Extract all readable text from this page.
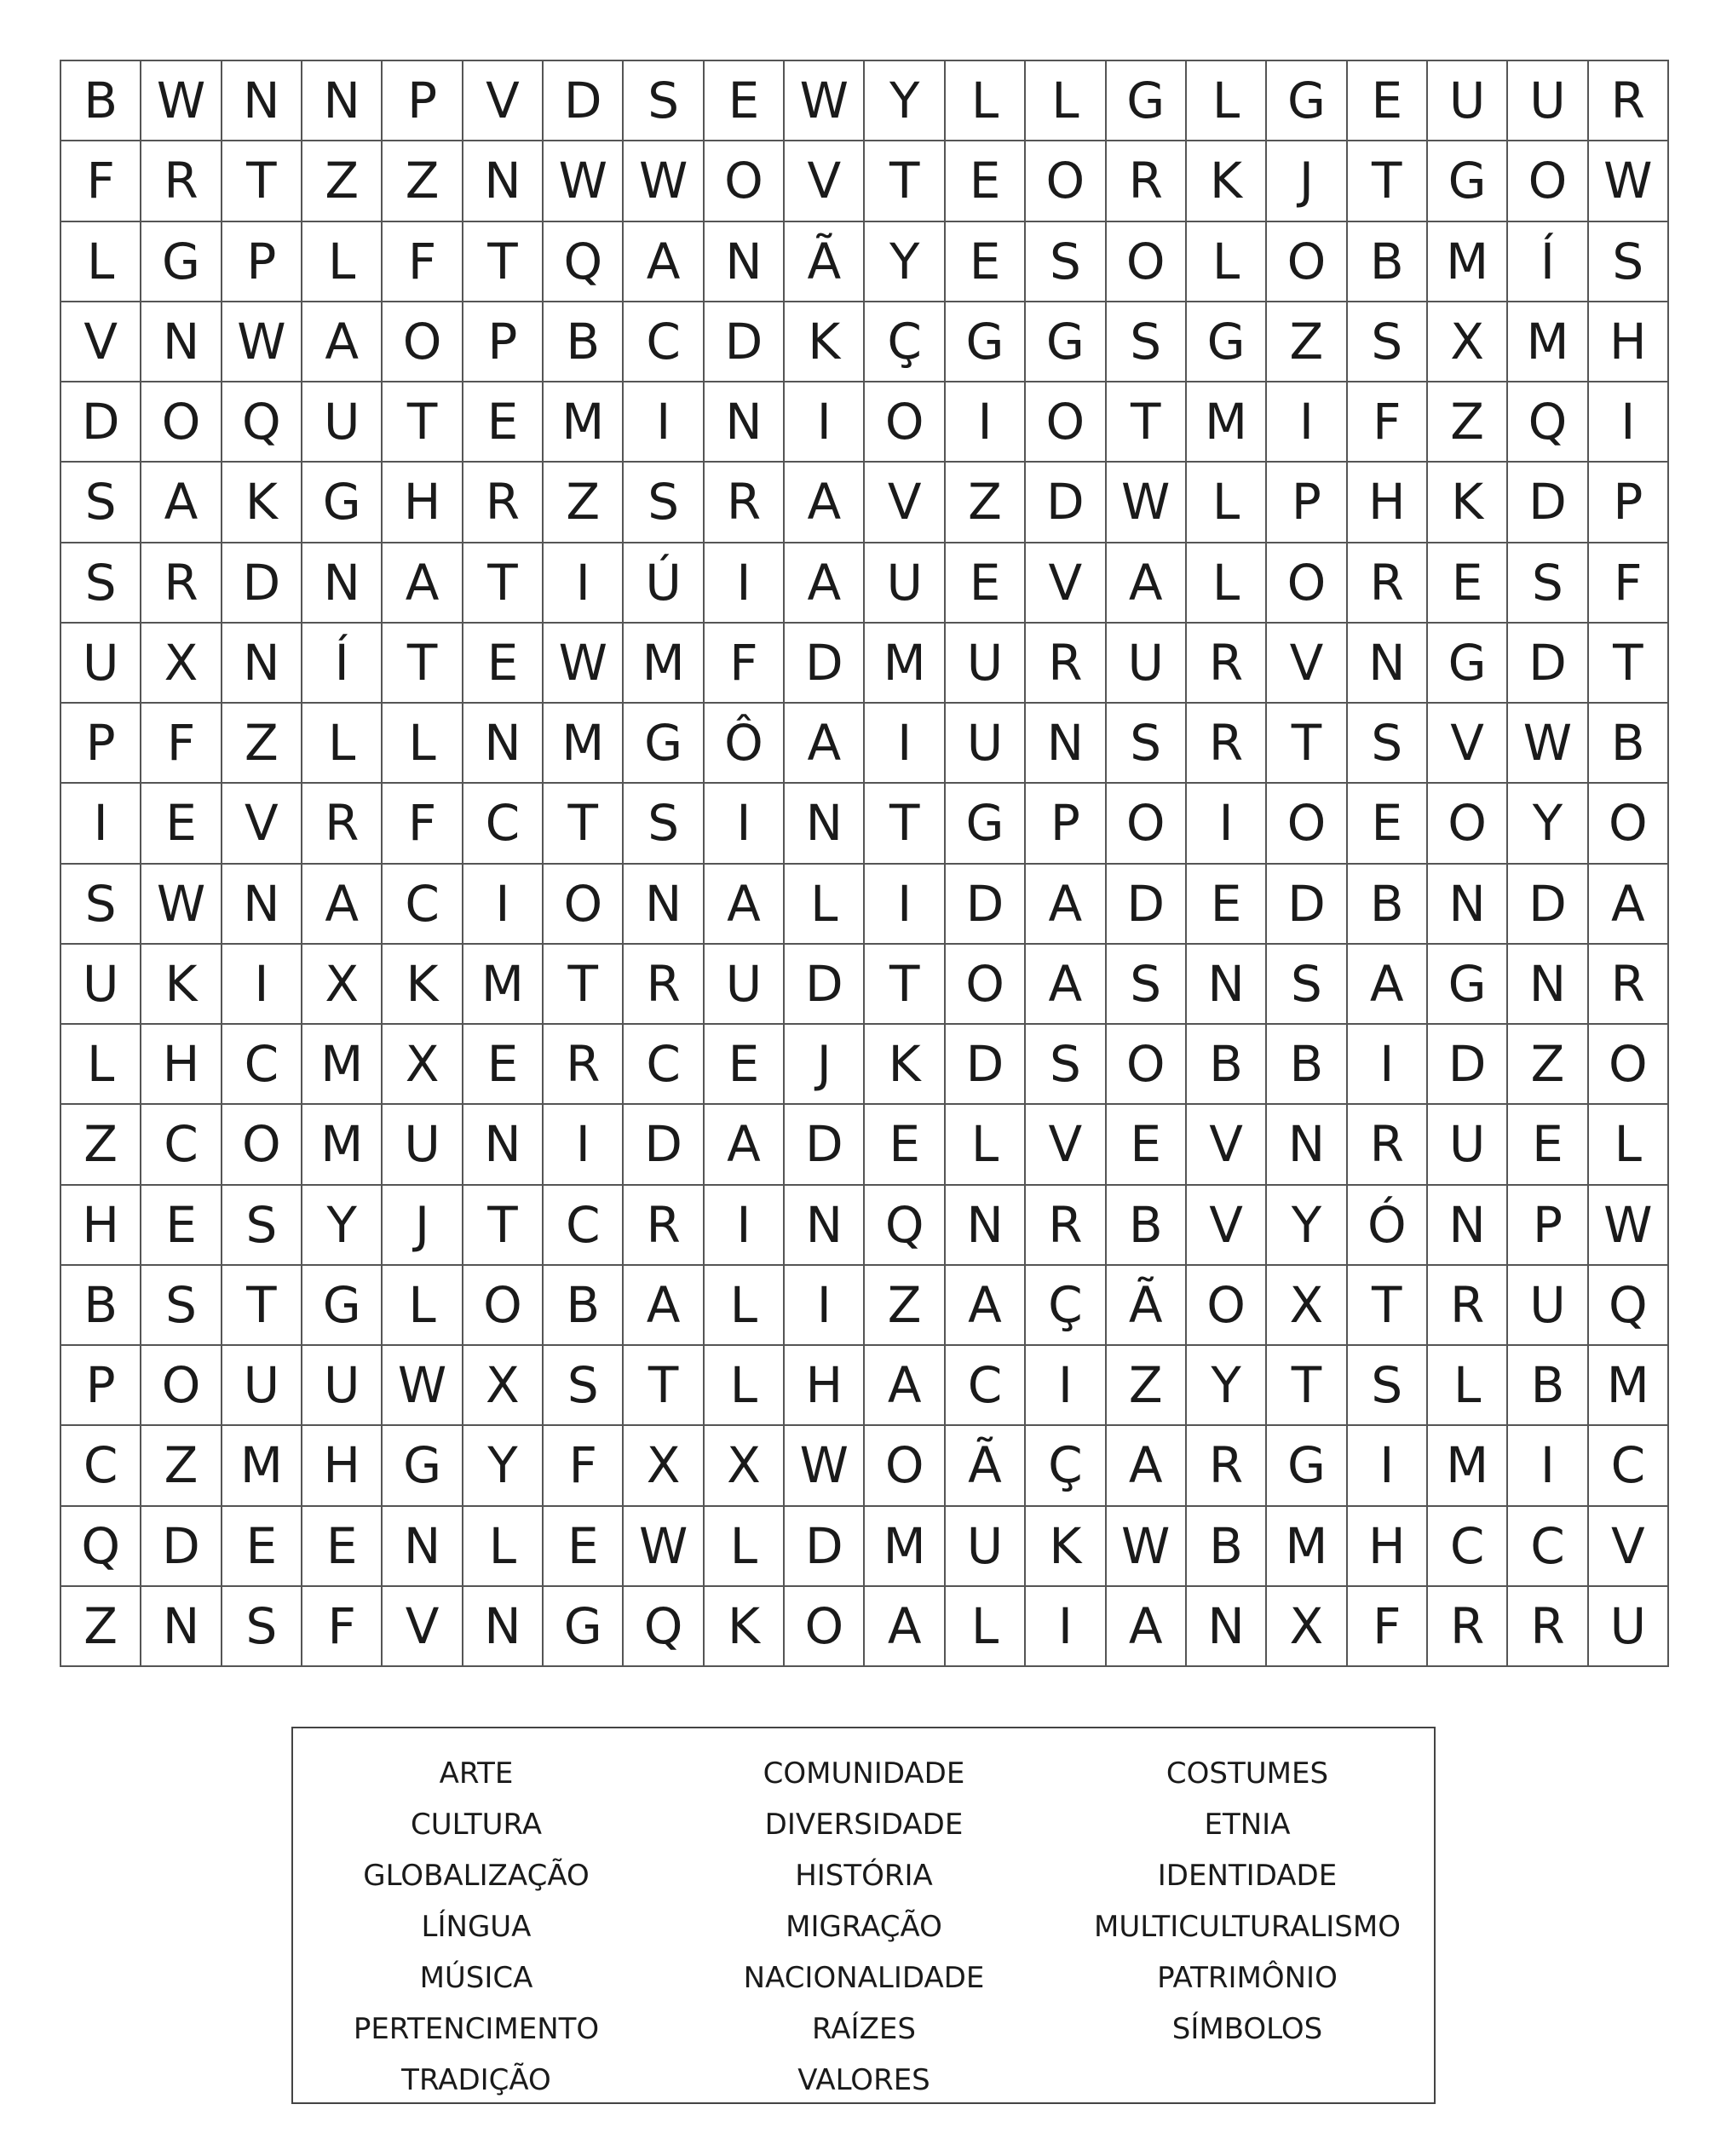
B W N N P V D S E W Y	L	L G L G E U U R
F R T Z Z N W W O V T	E O R K	J	T G O W
L G P	L	F	T Q A N Ã Y	E S O L O B M	Í	S
V N W A O P B C D K Ç G G S G Z S X M H
D O Q U T	E M	I	N	I	O	I	O T M	I	F Z Q	I
S A K G H R Z S R A V Z D W L	P H K D P
S R D N A T	I	Ú	I	A U E V A	L O R E S	F
U X N	Í	T	E W M F D M U R U R V N G D T
P	F Z	L	L N M G Ô A	I	U N S R T	S V W B
I	E V R F C T	S	I	N T G P O	I	O E O Y O
S W N A C	I	O N A	L	I	D A D E D B N D A
U K	I	X K M T R U D T O A S N S A G N R
L H C M X E R C E	J	K D S O B B	I	D Z O
Z C O M U N	I	D A D E	L	V E V N R U E	L
H E S	Y	J	T C R	I	N Q N R B V Y Ó N P W
B S	T G L O B A	L	I	Z A Ç Ã O X T R U Q
P O U U W X S	T	L H A C	I	Z Y	T	S	L	B M
C Z M H G Y	F X X W O Ã Ç A R G	I	M	I	C
Q D E E N L	E W L D M U K W B M H C C V
Z N S	F V N G Q K O A	L	I	A N X F R R U
ARTE
CULTURA
GLOBALIZAÇÃO
LÍNGUA
MÚSICA
PERTENCIMENTO
TRADIÇÃO
COMUNIDADE
DIVERSIDADE
HISTÓRIA
MIGRAÇÃO
NACIONALIDADE
RAÍZES
VALORES
COSTUMES
ETNIA
IDENTIDADE
MULTICULTURALISMO
PATRIMÔNIO
SÍMBOLOS
